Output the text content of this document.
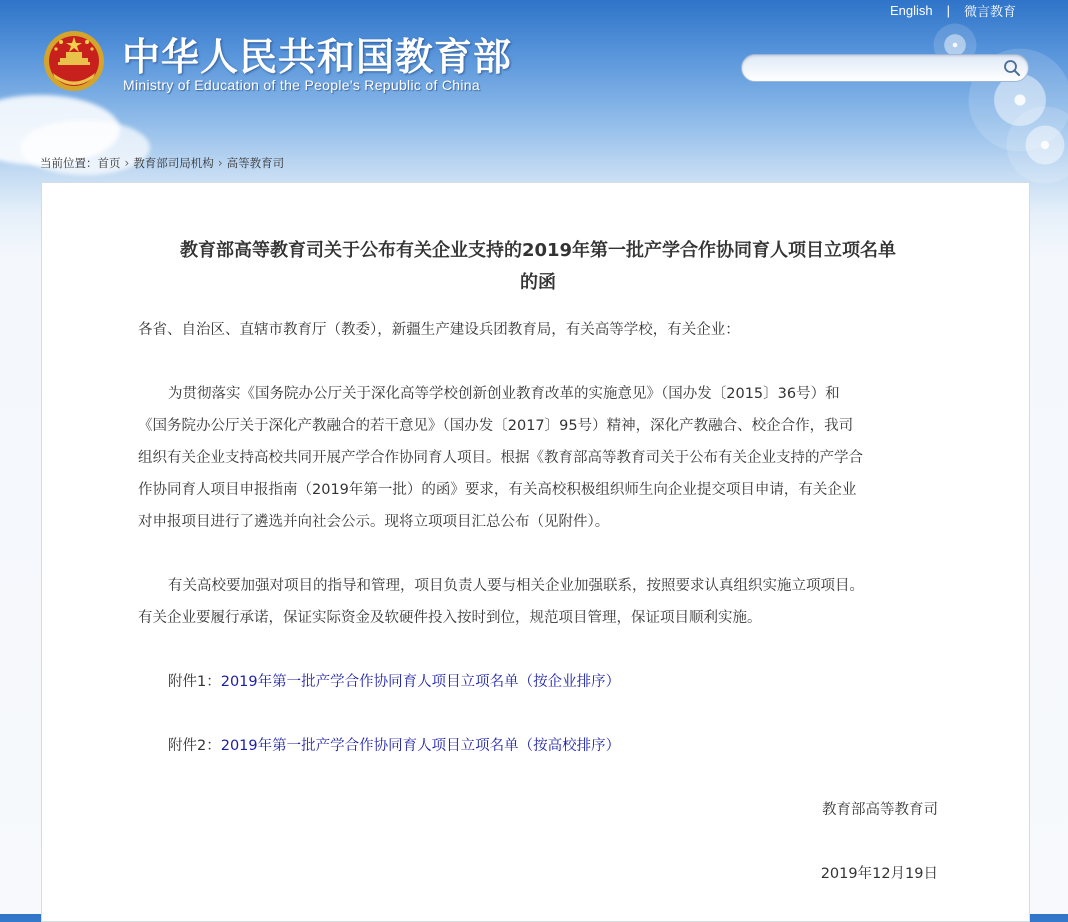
中华人民共和国教育部
Ministry of Education of the People's Republic of China
English | 微言教育
当前位置： 首页 › 教育部司局机构 › 高等教育司
教育部高等教育司关于公布有关企业支持的2019年第一批产学合作协同育人项目立项名单
的函
各省、自治区、直辖市教育厅（教委），新疆生产建设兵团教育局，有关高等学校，有关企业：
为贯彻落实《国务院办公厅关于深化高等学校创新创业教育改革的实施意见》（国办发〔2015〕36号）和
《国务院办公厅关于深化产教融合的若干意见》（国办发〔2017〕95号）精神，深化产教融合、校企合作，我司
组织有关企业支持高校共同开展产学合作协同育人项目。根据《教育部高等教育司关于公布有关企业支持的产学合
作协同育人项目申报指南（2019年第一批）的函》要求，有关高校积极组织师生向企业提交项目申请，有关企业
对申报项目进行了遴选并向社会公示。现将立项项目汇总公布（见附件）。
有关高校要加强对项目的指导和管理，项目负责人要与相关企业加强联系，按照要求认真组织实施立项项目。
有关企业要履行承诺，保证实际资金及软硬件投入按时到位，规范项目管理，保证项目顺利实施。
附件1：2019年第一批产学合作协同育人项目立项名单（按企业排序）
附件2：2019年第一批产学合作协同育人项目立项名单（按高校排序）
教育部高等教育司
2019年12月19日
